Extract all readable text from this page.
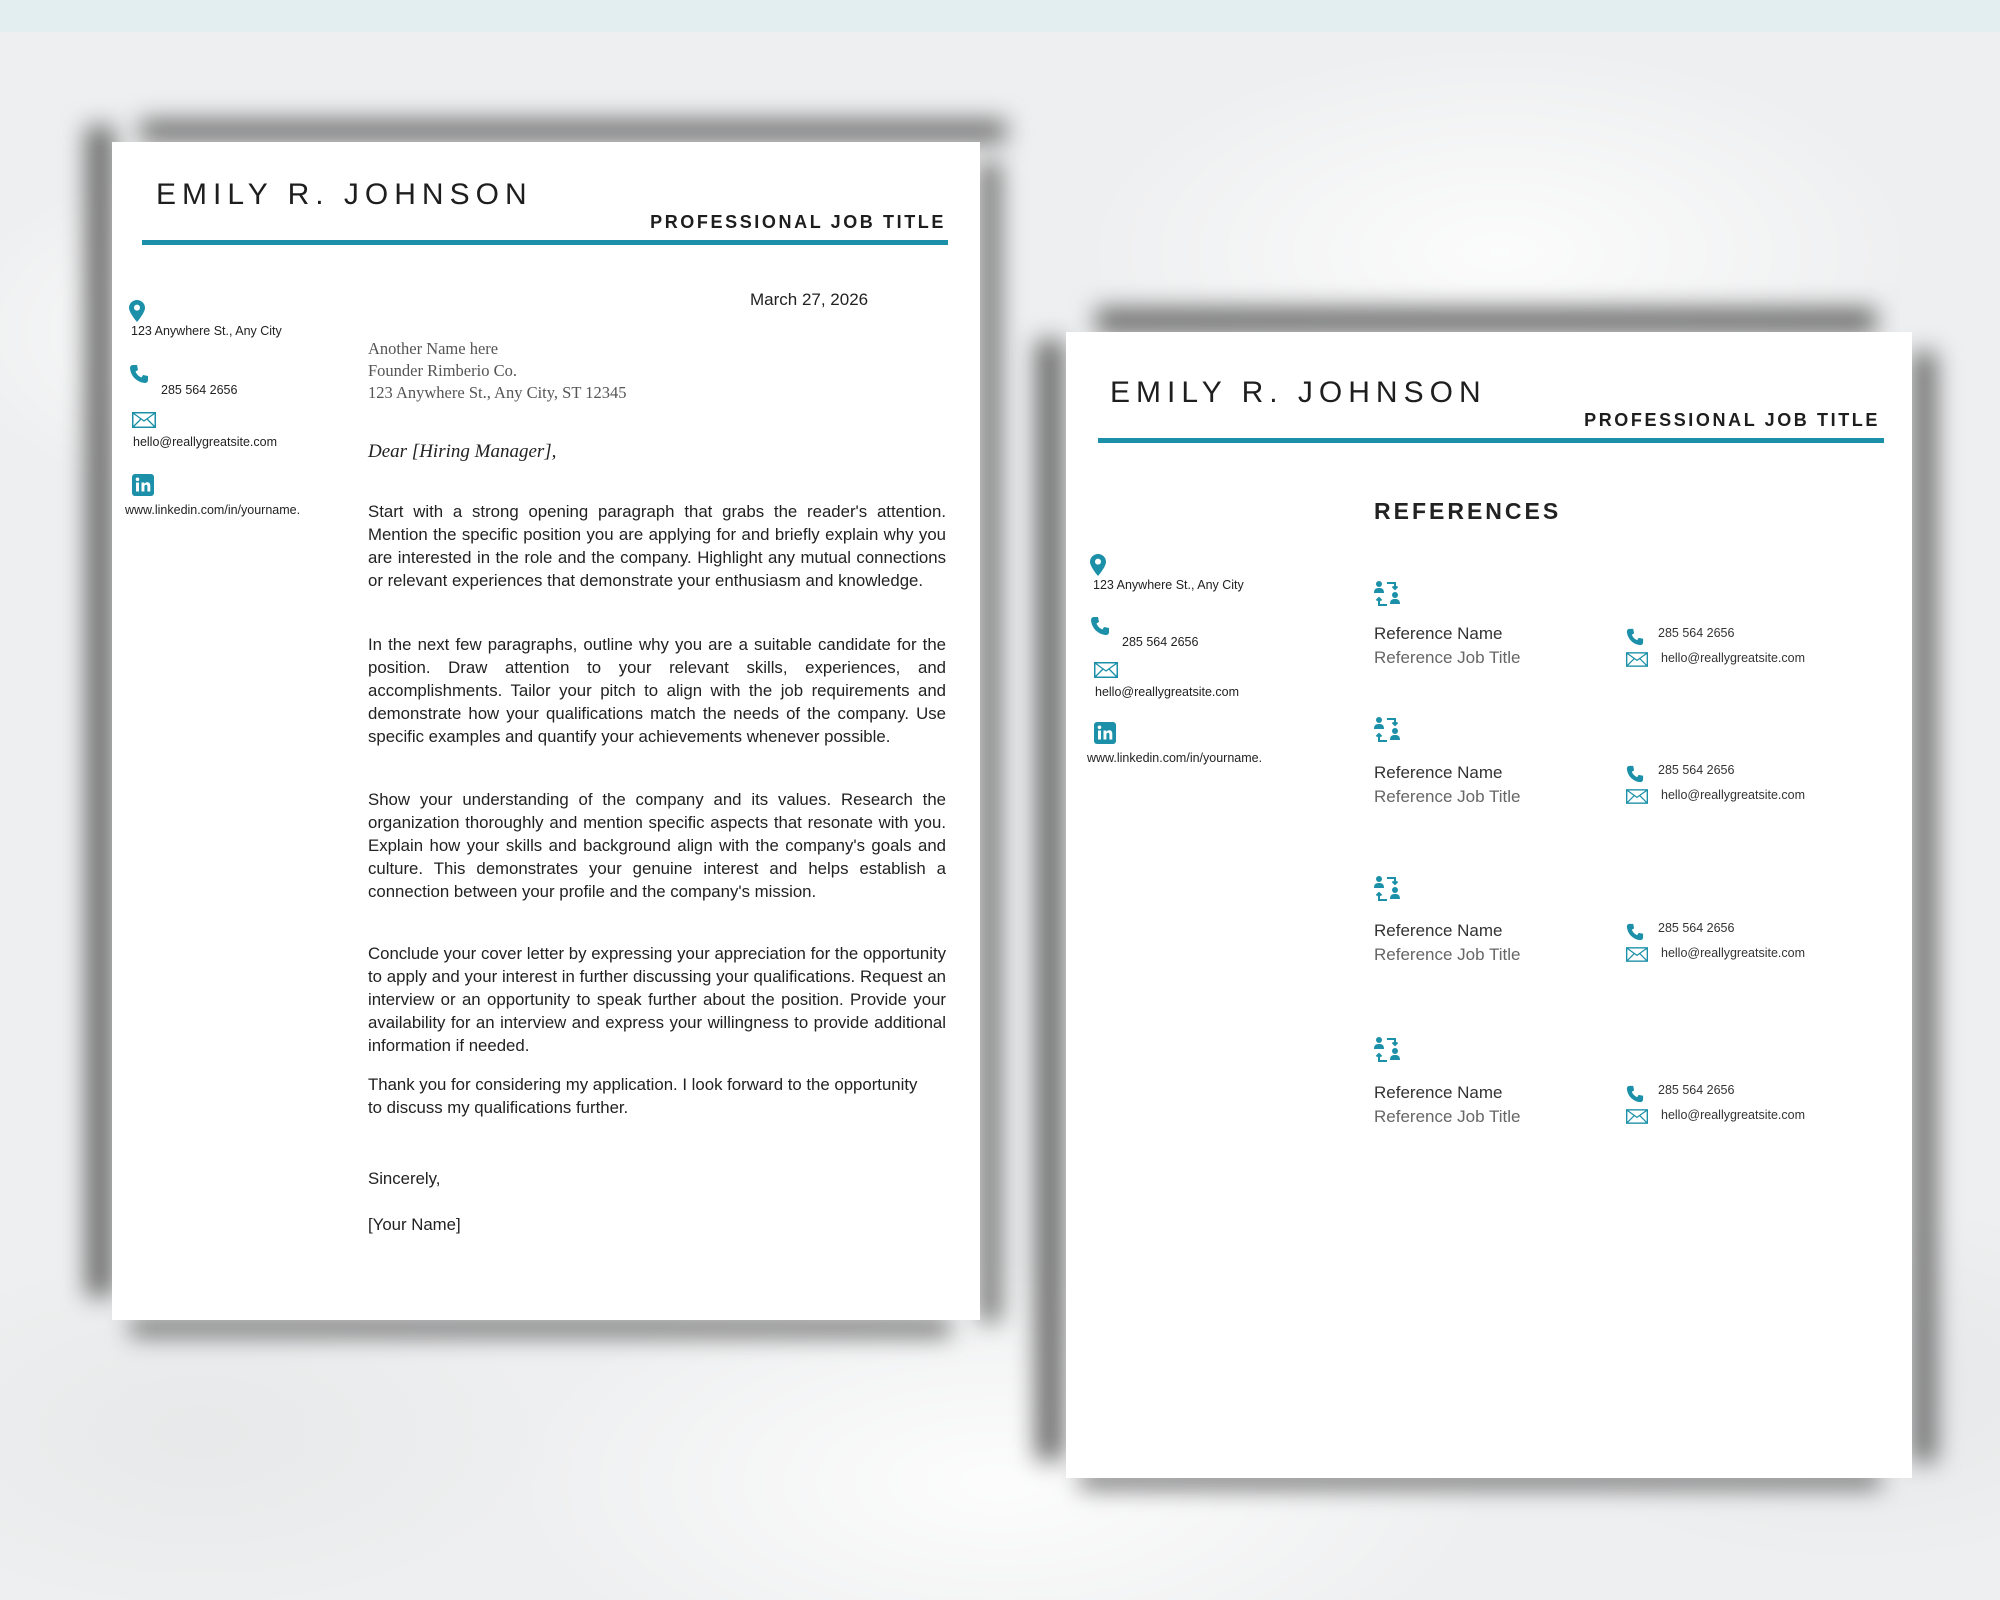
EMILY R. JOHNSON
PROFESSIONAL JOB TITLE
123 Anywhere St., Any City
285 564 2656
hello@reallygreatsite.com
www.linkedin.com/in/yourname.
March 27, 2026
Another Name here
Founder Rimberio Co.
123 Anywhere St., Any City, ST 12345
Dear [Hiring Manager],

Start with a strong opening paragraph that grabs the reader's attention. Mention the specific position you are applying for and briefly explain why you are interested in the role and the company. Highlight any mutual connections or relevant experiences that demonstrate your enthusiasm and knowledge.

In the next few paragraphs, outline why you are a suitable candidate for the position. Draw attention to your relevant skills, experiences, and accomplishments. Tailor your pitch to align with the job requirements and demonstrate how your qualifications match the needs of the company. Use specific examples and quantify your achievements whenever possible.

Show your understanding of the company and its values. Research the organization thoroughly and mention specific aspects that resonate with you. Explain how your skills and background align with the company's goals and culture. This demonstrates your genuine interest and helps establish a connection between your profile and the company's mission.

Conclude your cover letter by expressing your appreciation for the opportunity to apply and your interest in further discussing your qualifications. Request an interview or an opportunity to speak further about the position. Provide your availability for an interview and express your willingness to provide additional information if needed.

Thank you for considering my application. I look forward to the opportunity
to discuss my qualifications further.

Sincerely,
[Your Name]
EMILY R. JOHNSON
PROFESSIONAL JOB TITLE
REFERENCES
123 Anywhere St., Any City
285 564 2656
hello@reallygreatsite.com
www.linkedin.com/in/yourname.
Reference Name
Reference Job Title
285 564 2656
hello@reallygreatsite.com
Reference Name
Reference Job Title
285 564 2656
hello@reallygreatsite.com
Reference Name
Reference Job Title
285 564 2656
hello@reallygreatsite.com
Reference Name
Reference Job Title
285 564 2656
hello@reallygreatsite.com
